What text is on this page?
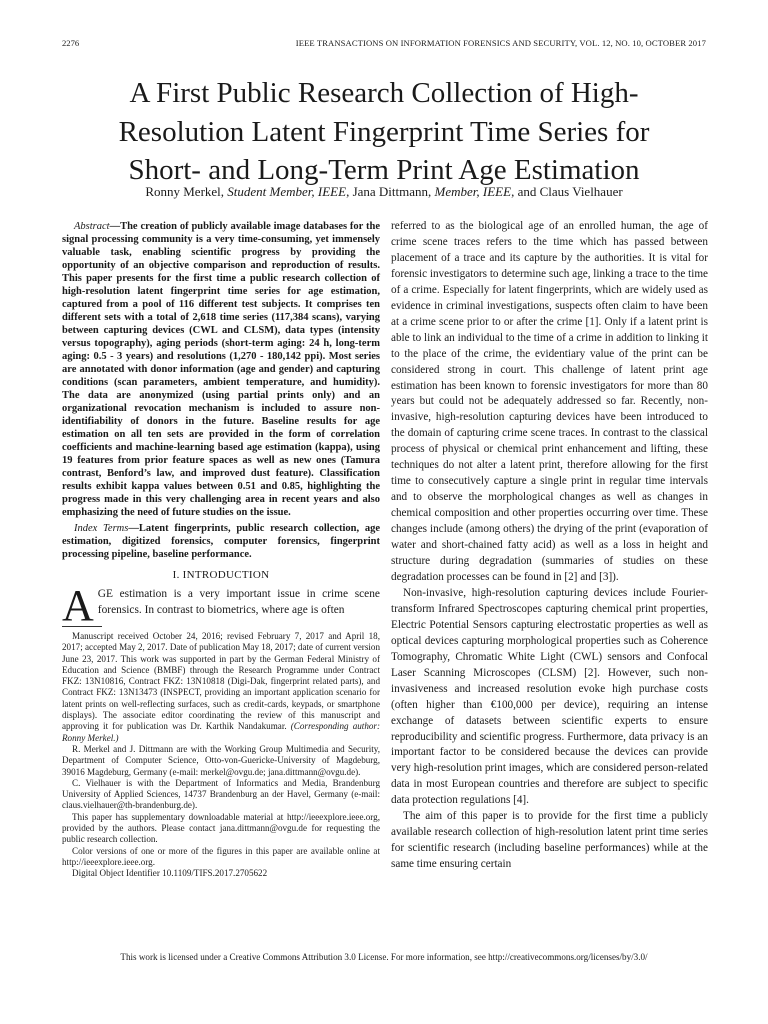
2276	IEEE TRANSACTIONS ON INFORMATION FORENSICS AND SECURITY, VOL. 12, NO. 10, OCTOBER 2017
A First Public Research Collection of High-
Resolution Latent Fingerprint Time Series for
Short- and Long-Term Print Age Estimation
Ronny Merkel, Student Member, IEEE, Jana Dittmann, Member, IEEE, and Claus Vielhauer

Abstract—The creation of publicly available image databases for the signal processing community is a very time-consuming, yet immensely valuable task, enabling scientific progress by providing the opportunity of an objective comparison and reproduction of results. This paper presents for the first time a public research collection of high-resolution latent fingerprint time series for age estimation, captured from a pool of 116 different test subjects. It comprises ten different sets with a total of 2,618 time series (117,384 scans), varying between capturing devices (CWL and CLSM), data types (intensity versus topography), aging periods (short-term aging: 24 h, long-term aging: 0.5 - 3 years) and resolutions (1,270 - 180,142 ppi). Most series are annotated with donor information (age and gender) and capturing conditions (scan parameters, ambient temperature, and humidity). The data are anonymized (using partial prints only) and an organizational revocation mechanism is included to assure non-identifiability of donors in the future. Baseline results for age estimation on all ten sets are provided in the form of correlation coefficients and machine-learning based age estimation (kappa), using 19 features from prior feature spaces as well as new ones (Tamura contrast, Benford’s law, and improved dust feature). Classification results exhibit kappa values between 0.51 and 0.85, highlighting the progress made in this very challenging area in recent years and also emphasizing the need of future studies on the issue.

Index Terms—Latent fingerprints, public research collection, age estimation, digitized forensics, computer forensics, fingerprint processing pipeline, baseline performance.

I. INTRODUCTION

AGE estimation is a very important issue in crime scene forensics. In contrast to biometrics, where age is often

Manuscript received October 24, 2016; revised February 7, 2017 and April 18, 2017; accepted May 2, 2017. Date of publication May 18, 2017; date of current version June 23, 2017. This work was supported in part by the German Federal Ministry of Education and Science (BMBF) through the Research Programme under Contract FKZ: 13N10816, Contract FKZ: 13N10818 (Digi-Dak, fingerprint related parts), and Contract FKZ: 13N13473 (INSPECT, providing an important application scenario for latent prints on well-reflecting surfaces, such as credit-cards, keypads, or smartphone displays). The associate editor coordinating the review of this manuscript and approving it for publication was Dr. Karthik Nandakumar. (Corresponding author: Ronny Merkel.)

R. Merkel and J. Dittmann are with the Working Group Multimedia and Security, Department of Computer Science, Otto-von-Guericke-University of Magdeburg, 39016 Magdeburg, Germany (e-mail: merkel@ovgu.de; jana.dittmann@ovgu.de).

C. Vielhauer is with the Department of Informatics and Media, Brandenburg University of Applied Sciences, 14737 Brandenburg an der Havel, Germany (e-mail: claus.vielhauer@th-brandenburg.de).

This paper has supplementary downloadable material at http://ieeexplore.ieee.org, provided by the authors. Please contact jana.dittmann@ovgu.de for requesting the public research collection.

Color versions of one or more of the figures in this paper are available online at http://ieeexplore.ieee.org.

Digital Object Identifier 10.1109/TIFS.2017.2705622

referred to as the biological age of an enrolled human, the age of crime scene traces refers to the time which has passed between placement of a trace and its capture by the authorities. It is vital for forensic investigators to determine such age, linking a trace to the time of a crime. Especially for latent fingerprints, which are widely used as evidence in criminal investigations, suspects often claim to have been at a crime scene prior to or after the crime [1]. Only if a latent print is able to link an individual to the time of a crime in addition to linking it to the place of the crime, the evidentiary value of the print can be considered strong in court. This challenge of latent print age estimation has been known to forensic investigators for more than 80 years but could not be adequately addressed so far. Recently, non-invasive, high-resolution capturing devices have been introduced to the domain of capturing crime scene traces. In contrast to the classical process of physical or chemical print enhancement and lifting, these techniques do not alter a latent print, therefore allowing for the first time to consecutively capture a single print in regular time intervals and to observe the morphological changes as well as changes in chemical composition and other properties occurring over time. These changes include (among others) the drying of the print (evaporation of water and short-chained fatty acid) as well as a loss in height and structure during degradation (summaries of studies on these degradation processes can be found in [2] and [3]).

Non-invasive, high-resolution capturing devices include Fourier-transform Infrared Spectroscopes capturing chemical print properties, Electric Potential Sensors capturing electrostatic properties as well as optical devices capturing morphological properties such as Coherence Tomography, Chromatic White Light (CWL) sensors and Confocal Laser Scanning Microscopes (CLSM) [2]. However, such non-invasiveness and increased resolution evoke high purchase costs (often higher than €100,000 per device), requiring an intense exchange of datasets between scientific experts to ensure reproducibility and scientific progress. Furthermore, data privacy is an important factor to be considered because the devices can provide very high-resolution print images, which are considered person-related data in most European countries and therefore are subject to specific data protection regulations [4].

The aim of this paper is to provide for the first time a publicly available research collection of high-resolution latent print time series for scientific research (including baseline performances) while at the same time ensuring certain

This work is licensed under a Creative Commons Attribution 3.0 License. For more information, see http://creativecommons.org/licenses/by/3.0/
